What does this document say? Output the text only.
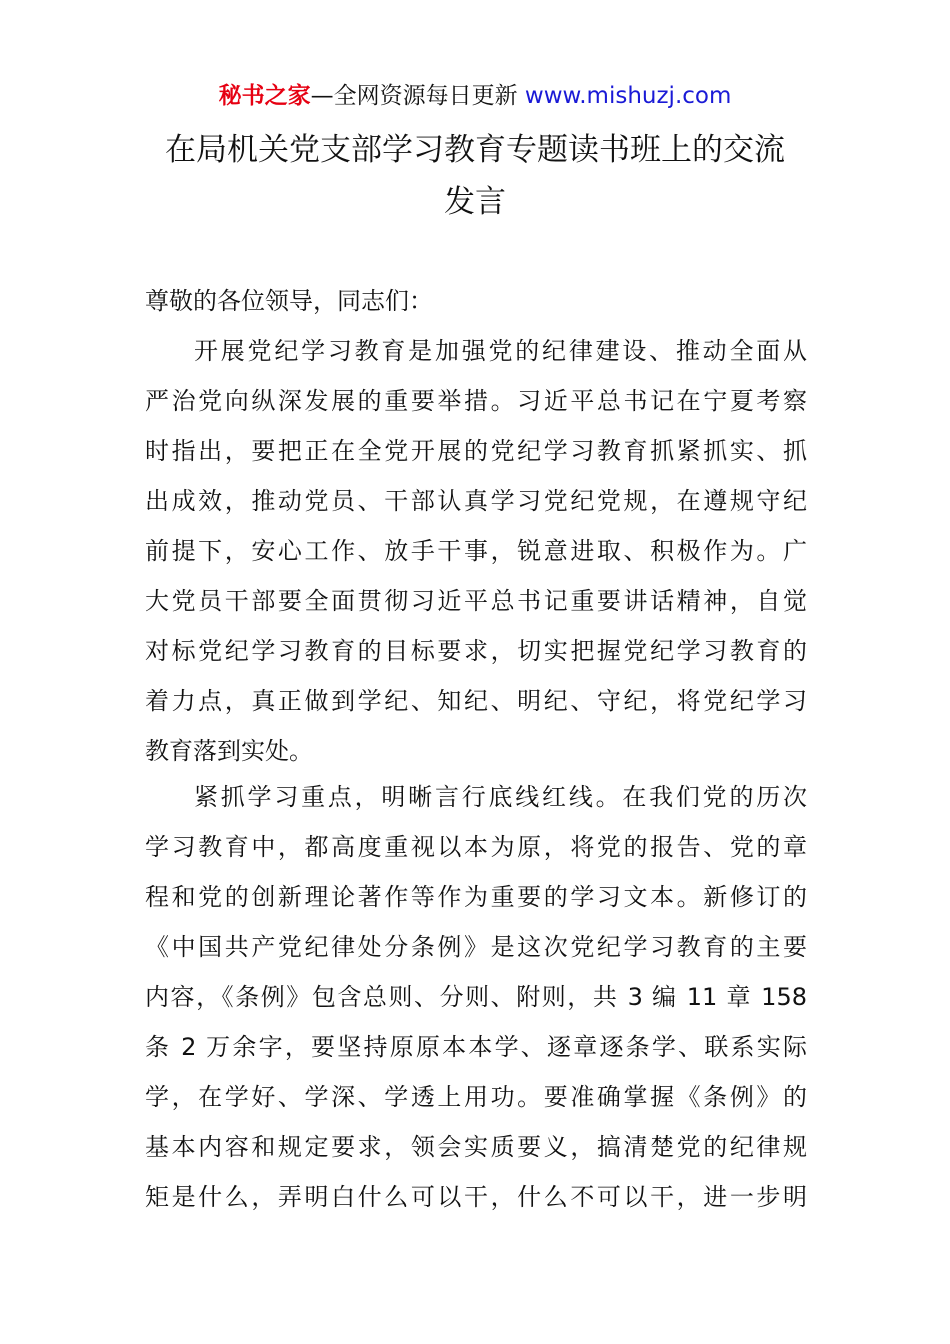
秘书之家—全网资源每日更新 www.mishuzj.com
在局机关党支部学习教育专题读书班上的交流
发言

尊敬的各位领导，同志们：

开展党纪学习教育是加强党的纪律建设、推动全面从
严治党向纵深发展的重要举措。习近平总书记在宁夏考察
时指出，要把正在全党开展的党纪学习教育抓紧抓实、抓
出成效，推动党员、干部认真学习党纪党规，在遵规守纪
前提下，安心工作、放手干事，锐意进取、积极作为。广
大党员干部要全面贯彻习近平总书记重要讲话精神，自觉
对标党纪学习教育的目标要求，切实把握党纪学习教育的
着力点，真正做到学纪、知纪、明纪、守纪，将党纪学习
教育落到实处。
紧抓学习重点，明晰言行底线红线。在我们党的历次
学习教育中，都高度重视以本为原，将党的报告、党的章
程和党的创新理论著作等作为重要的学习文本。新修订的
《中国共产党纪律处分条例》是这次党纪学习教育的主要
内容，《条例》包含总则、分则、附则，共 3 编 11 章 158
条 2 万余字，要坚持原原本本学、逐章逐条学、联系实际
学，在学好、学深、学透上用功。要准确掌握《条例》的
基本内容和规定要求，领会实质要义，搞清楚党的纪律规
矩是什么，弄明白什么可以干，什么不可以干，进一步明
